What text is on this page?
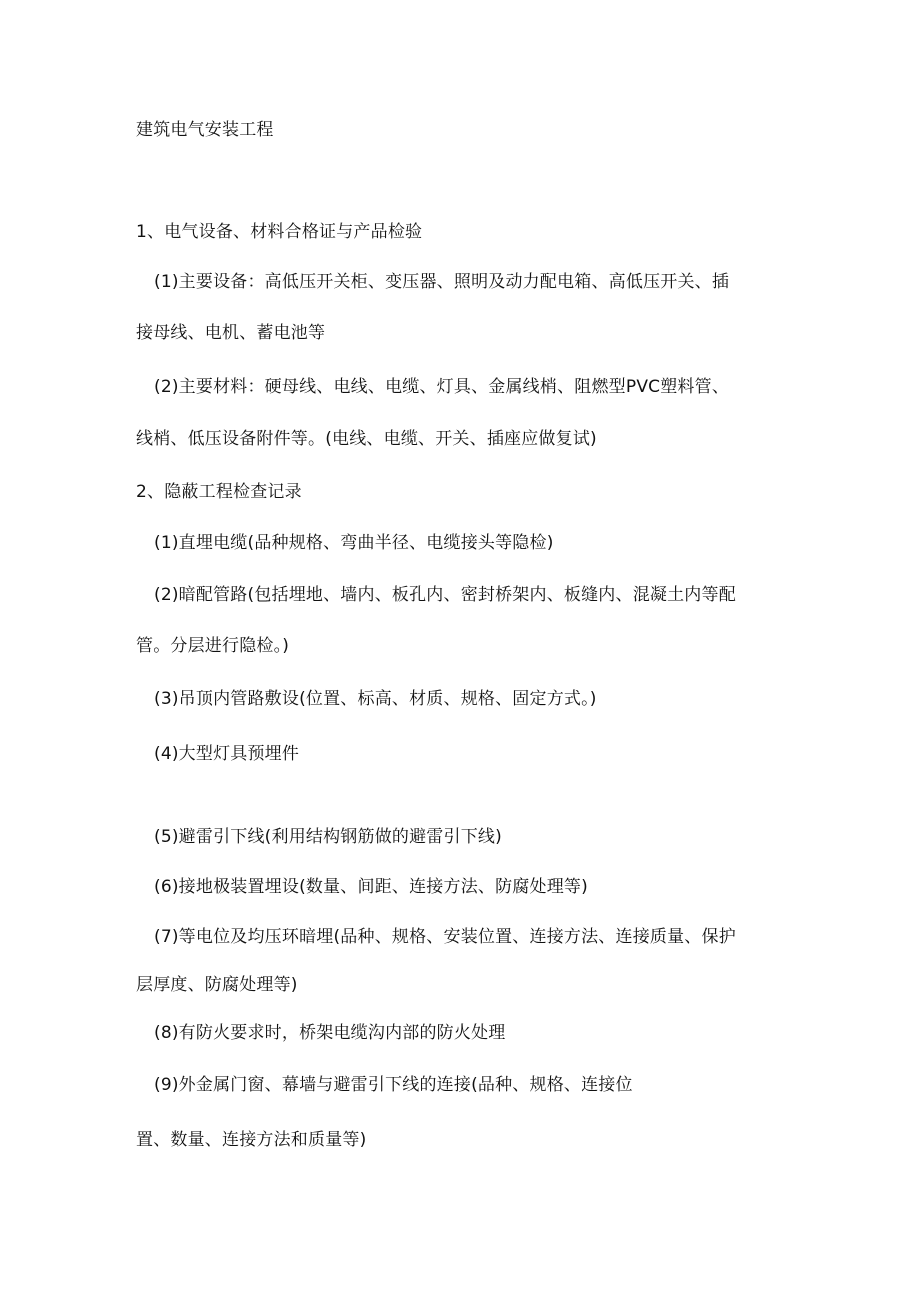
建筑电气安装工程
1、电气设备、材料合格证与产品检验
(1)主要设备：高低压开关柜、变压器、照明及动力配电箱、高低压开关、插
接母线、电机、蓄电池等
(2)主要材料：硬母线、电线、电缆、灯具、金属线梢、阻燃型PVC塑料管、
线梢、低压设备附件等。(电线、电缆、开关、插座应做复试)
2、隐蔽工程检查记录
(1)直埋电缆(品种规格、弯曲半径、电缆接头等隐检)
(2)暗配管路(包括埋地、墙内、板孔内、密封桥架内、板缝内、混凝土内等配
管。分层进行隐检。)
(3)吊顶内管路敷设(位置、标高、材质、规格、固定方式。)
(4)大型灯具预埋件
(5)避雷引下线(利用结构钢筋做的避雷引下线)
(6)接地极装置埋设(数量、间距、连接方法、防腐处理等)
(7)等电位及均压环暗埋(品种、规格、安装位置、连接方法、连接质量、保护
层厚度、防腐处理等)
(8)有防火要求时，桥架电缆沟内部的防火处理
(9)外金属门窗、幕墙与避雷引下线的连接(品种、规格、连接位
置、数量、连接方法和质量等)
